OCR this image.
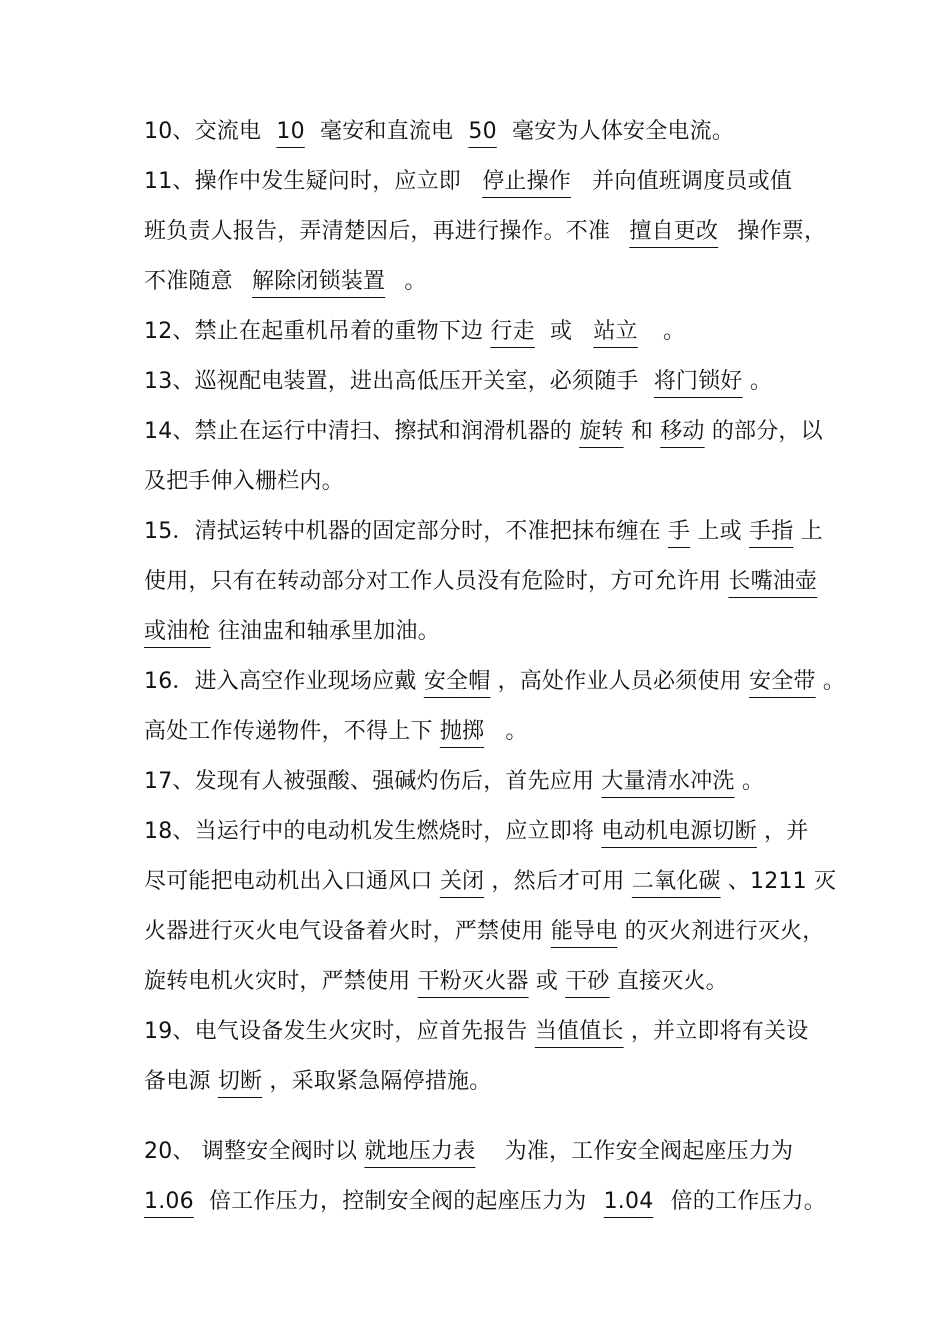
10、交流电 10 毫安和直流电 50 毫安为人体安全电流。
11、操作中发生疑问时，应立即 停止操作 并向值班调度员或值
班负责人报告，弄清楚因后，再进行操作。不准 擅自更改 操作票，
不准随意 解除闭锁装置 。
12、禁止在起重机吊着的重物下边 行走 或 站立 。
13、巡视配电装置，进出高低压开关室，必须随手 将门锁好 。
14、禁止在运行中清扫、擦拭和润滑机器的 旋转 和 移动 的部分，以
及把手伸入栅栏内。
15．清拭运转中机器的固定部分时，不准把抹布缠在 手 上或 手指 上
使用，只有在转动部分对工作人员没有危险时，方可允许用 长嘴油壶
或油枪 往油盅和轴承里加油。
16．进入高空作业现场应戴 安全帽 ，高处作业人员必须使用 安全带 。
高处工作传递物件，不得上下 抛掷 。
17、发现有人被强酸、强碱灼伤后，首先应用 大量清水冲洗 。
18、当运行中的电动机发生燃烧时，应立即将 电动机电源切断 ，并
尽可能把电动机出入口通风口 关闭 ，然后才可用 二氧化碳 、1211 灭
火器进行灭火电气设备着火时，严禁使用 能导电 的灭火剂进行灭火，
旋转电机火灾时，严禁使用 干粉灭火器 或 干砂 直接灭火。
19、电气设备发生火灾时，应首先报告 当值值长 ，并立即将有关设
备电源 切断 ，采取紧急隔停措施。
20、 调整安全阀时以 就地压力表 为准，工作安全阀起座压力为
1.06 倍工作压力，控制安全阀的起座压力为 1.04 倍的工作压力。
